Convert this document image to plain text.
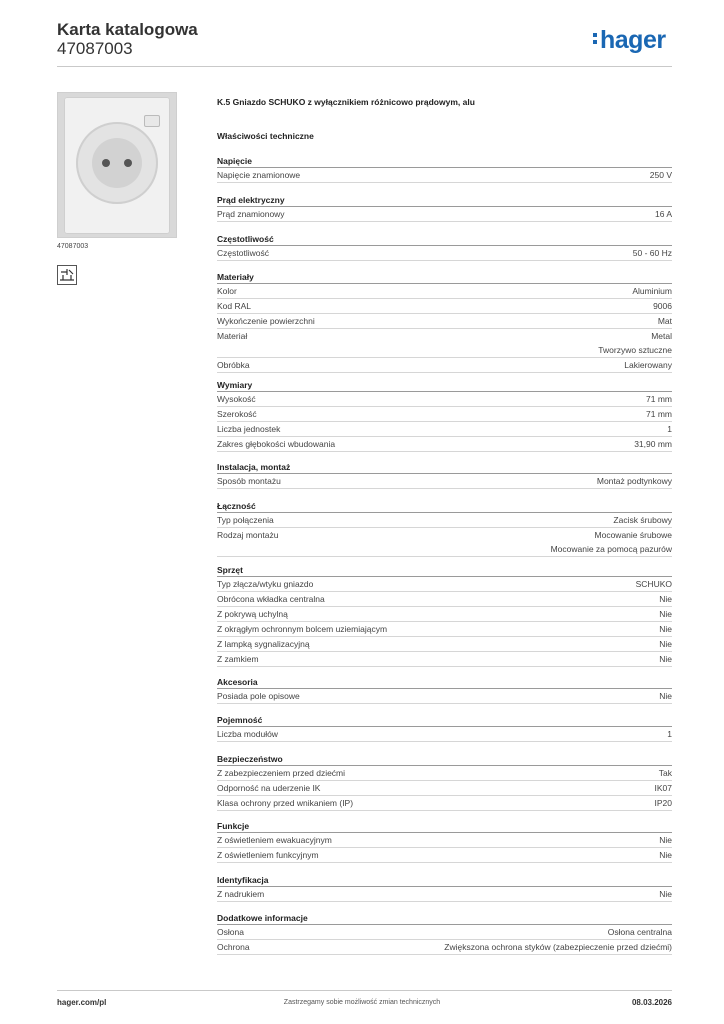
Karta katalogowa
47087003	hager
47087003
K.5 Gniazdo SCHUKO z wyłącznikiem różnicowo prądowym, alu
Właściwości techniczne
Napięcie
Napięcie znamionowe	250 V
Prąd elektryczny
Prąd znamionowy	16 A
Częstotliwość
Częstotliwość	50 - 60 Hz
Materiały
Kolor	Aluminium
Kod RAL	9006
Wykończenie powierzchni	Mat
Materiał	Metal
Tworzywo sztuczne
Obróbka	Lakierowany
Wymiary
Wysokość	71 mm
Szerokość	71 mm
Liczba jednostek	1
Zakres głębokości wbudowania	31,90 mm
Instalacja, montaż
Sposób montażu	Montaż podtynkowy
Łączność
Typ połączenia	Zacisk śrubowy
Rodzaj montażu	Mocowanie śrubowe
Mocowanie za pomocą pazurów
Sprzęt
Typ złącza/wtyku gniazdo	SCHUKO
Obrócona wkładka centralna	Nie
Z pokrywą uchylną	Nie
Z okrągłym ochronnym bolcem uziemiającym	Nie
Z lampką sygnalizacyjną	Nie
Z zamkiem	Nie
Akcesoria
Posiada pole opisowe	Nie
Pojemność
Liczba modułów	1
Bezpieczeństwo
Z zabezpieczeniem przed dziećmi	Tak
Odporność na uderzenie IK	IK07
Klasa ochrony przed wnikaniem (IP)	IP20
Funkcje
Z oświetleniem ewakuacyjnym	Nie
Z oświetleniem funkcyjnym	Nie
Identyfikacja
Z nadrukiem	Nie
Dodatkowe informacje
Osłona	Osłona centralna
Ochrona	Zwiększona ochrona styków (zabezpieczenie przed dziećmi)
hager.com/pl	Zastrzegamy sobie możliwość zmian technicznych	08.03.2026
